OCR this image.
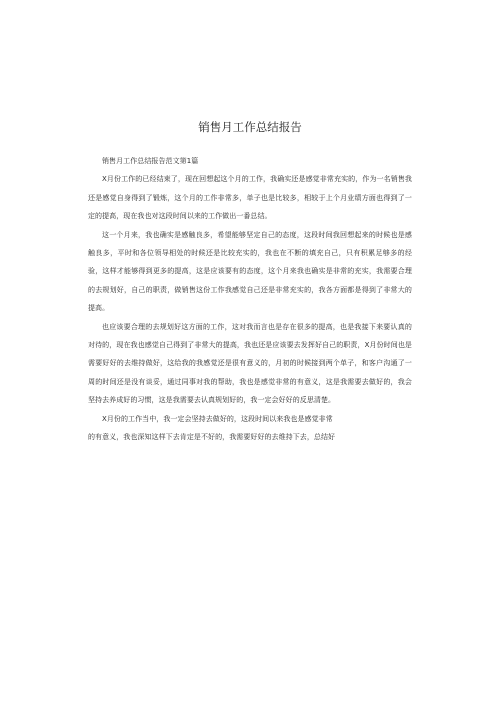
销售月工作总结报告

销售月工作总结报告范文第1篇

X月份工作的已经结束了，现在回想起这个月的工作，我确实还是感觉非常充实的，作为一名销售我还是感觉自身得到了锻炼，这个月的工作非常多，单子也是比较多，相较于上个月业绩方面也得到了一定的提高，现在我也对这段时间以来的工作做出一番总结。

这一个月来，我也确实是感触良多，希望能够坚定自己的态度，这段时间我回想起来的时候也是感触良多，平时和各位领导相处的时候还是比较充实的，我也在不断的填充自己，只有积累足够多的经验，这样才能够得到更多的提高，这是应该要有的态度，这个月来我也确实是非常的充实，我需要合理的去规划好，自己的职责，做销售这份工作我感觉自己还是非常充实的，我各方面都是得到了非常大的提高。

也应该要合理的去规划好这方面的工作，这对我而言也是存在很多的提高，也是我接下来要认真的对待的，现在我也感觉自己得到了非常大的提高，我也还是应该要去发挥好自己的职责，X月份时间也是需要好好的去维持做好，这给我的我感觉还是很有意义的，月初的时候接到两个单子，和客户沟通了一周的时间还是没有谈妥，通过同事对我的帮助，我也是感觉非常的有意义，这是我需要去做好的，我会坚持去养成好的习惯，这是我需要去认真规划好的，我一定会好好的反思清楚。

X月份的工作当中，我一定会坚持去做好的，这段时间以来我也是感觉非常
的有意义，我也深知这样下去肯定是不好的，我需要好好的去维持下去，总结好
